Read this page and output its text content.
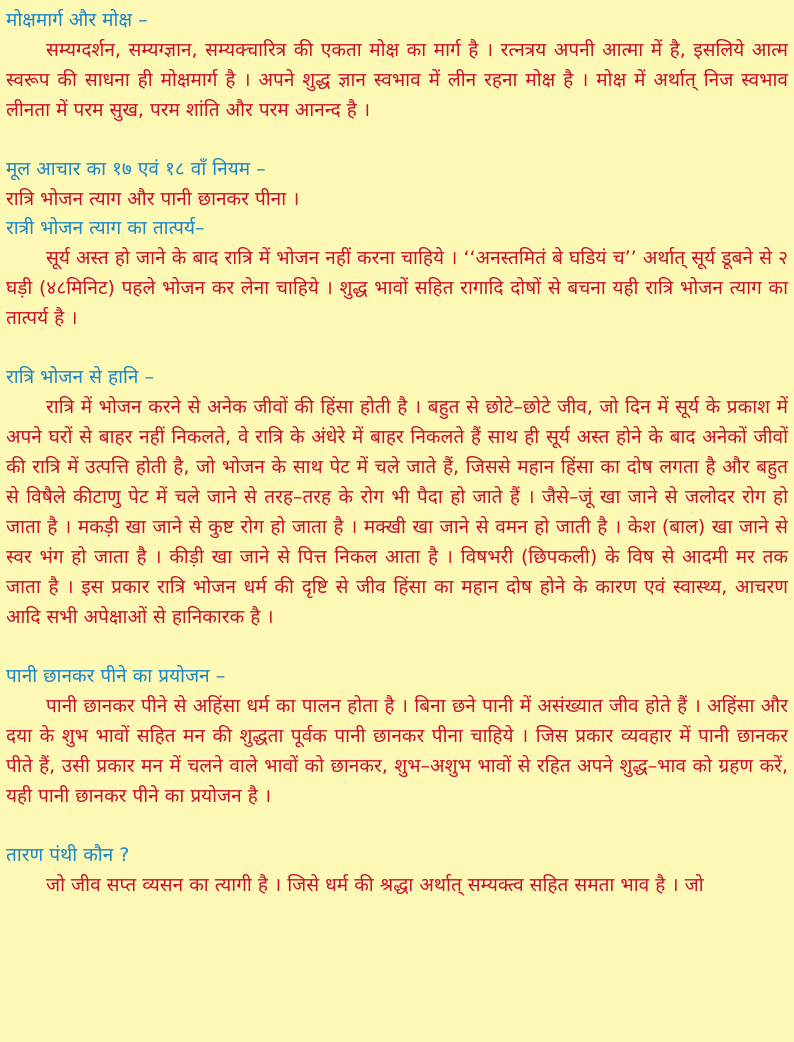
मोक्षमार्ग और मोक्ष –

सम्यग्दर्शन, सम्यग्ज्ञान, सम्यक्चारित्र की एकता मोक्ष का मार्ग है । रत्नत्रय अपनी आत्मा में है, इसलिये आत्म स्वरूप की साधना ही मोक्षमार्ग है । अपने शुद्ध ज्ञान स्वभाव में लीन रहना मोक्ष है । मोक्ष में अर्थात् निज स्वभाव लीनता में परम सुख, परम शांति और परम आनन्द है ।

मूल आचार का १७ एवं १८ वाँ नियम –

रात्रि भोजन त्याग और पानी छानकर पीना ।

रात्री भोजन त्याग का तात्पर्य–

सूर्य अस्त हो जाने के बाद रात्रि में भोजन नहीं करना चाहिये । ‘‘अनस्तमितं बे घडियं च’’ अर्थात् सूर्य डूबने से २ घड़ी (४८मिनिट) पहले भोजन कर लेना चाहिये । शुद्ध भावों सहित रागादि दोषों से बचना यही रात्रि भोजन त्याग का तात्पर्य है ।

रात्रि भोजन से हानि –

रात्रि में भोजन करने से अनेक जीवों की हिंसा होती है । बहुत से छोटे–छोटे जीव, जो दिन में सूर्य के प्रकाश में अपने घरों से बाहर नहीं निकलते, वे रात्रि के अंधेरे में बाहर निकलते हैं साथ ही सूर्य अस्त होने के बाद अनेकों जीवों की रात्रि में उत्पत्ति होती है, जो भोजन के साथ पेट में चले जाते हैं, जिससे महान हिंसा का दोष लगता है और बहुत से विषैले कीटाणु पेट में चले जाने से तरह–तरह के रोग भी पैदा हो जाते हैं । जैसे–जूं खा जाने से जलोदर रोग हो जाता है । मकड़ी खा जाने से कुष्ट रोग हो जाता है । मक्खी खा जाने से वमन हो जाती है । केश (बाल) खा जाने से स्वर भंग हो जाता है । कीड़ी खा जाने से पित्त निकल आता है । विषभरी (छिपकली) के विष से आदमी मर तक जाता है । इस प्रकार रात्रि भोजन धर्म की दृष्टि से जीव हिंसा का महान दोष होने के कारण एवं स्वास्थ्य, आचरण आदि सभी अपेक्षाओं से हानिकारक है ।

पानी छानकर पीने का प्रयोजन –

पानी छानकर पीने से अहिंसा धर्म का पालन होता है । बिना छने पानी में असंख्यात जीव होते हैं । अहिंसा और दया के शुभ भावों सहित मन की शुद्धता पूर्वक पानी छानकर पीना चाहिये । जिस प्रकार व्यवहार में पानी छानकर पीते हैं, उसी प्रकार मन में चलने वाले भावों को छानकर, शुभ–अशुभ भावों से रहित अपने शुद्ध–भाव को ग्रहण करें, यही पानी छानकर पीने का प्रयोजन है ।

तारण पंथी कौन ?

जो जीव सप्त व्यसन का त्यागी है । जिसे धर्म की श्रद्धा अर्थात् सम्यक्त्व सहित समता भाव है । जो
